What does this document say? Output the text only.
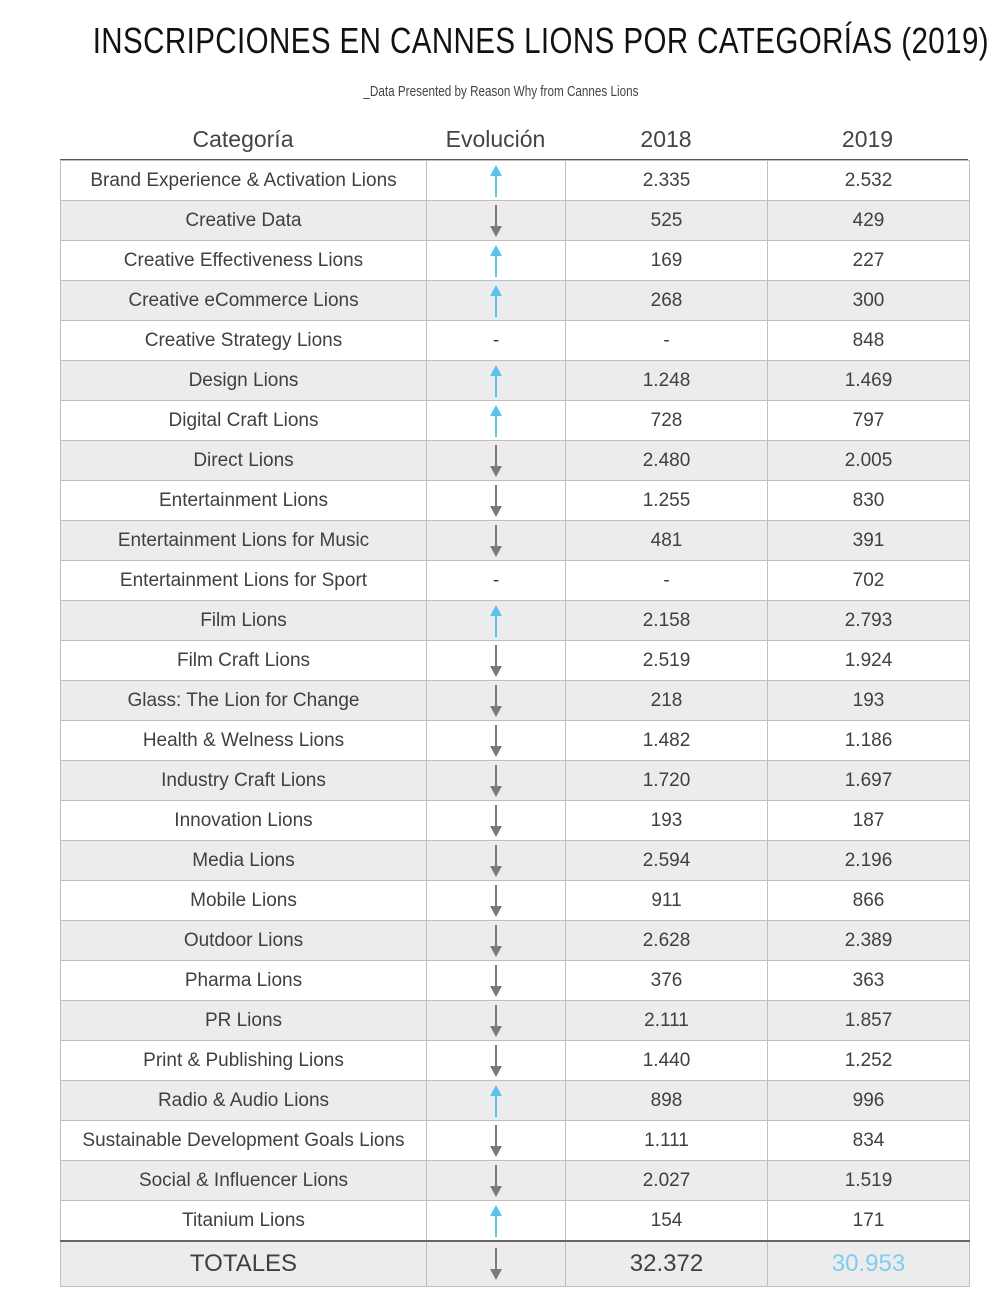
INSCRIPCIONES EN CANNES LIONS POR CATEGORÍAS (2019)
_Data Presented by Reason Why from Cannes Lions
Categoría	Evolución	2018	2019
Brand Experience & Activation Lions		2.335	2.532
Creative Data		525	429
Creative Effectiveness Lions		169	227
Creative eCommerce Lions		268	300
Creative Strategy Lions	-	-	848
Design Lions		1.248	1.469
Digital Craft Lions		728	797
Direct Lions		2.480	2.005
Entertainment Lions		1.255	830
Entertainment Lions for Music		481	391
Entertainment Lions for Sport	-	-	702
Film Lions		2.158	2.793
Film Craft Lions		2.519	1.924
Glass: The Lion for Change		218	193
Health & Welness Lions		1.482	1.186
Industry Craft Lions		1.720	1.697
Innovation Lions		193	187
Media Lions		2.594	2.196
Mobile Lions		911	866
Outdoor Lions		2.628	2.389
Pharma Lions		376	363
PR Lions		2.111	1.857
Print & Publishing Lions		1.440	1.252
Radio & Audio Lions		898	996
Sustainable Development Goals Lions		1.111	834
Social & Influencer Lions		2.027	1.519
Titanium Lions		154	171
TOTALES		32.372	30.953
